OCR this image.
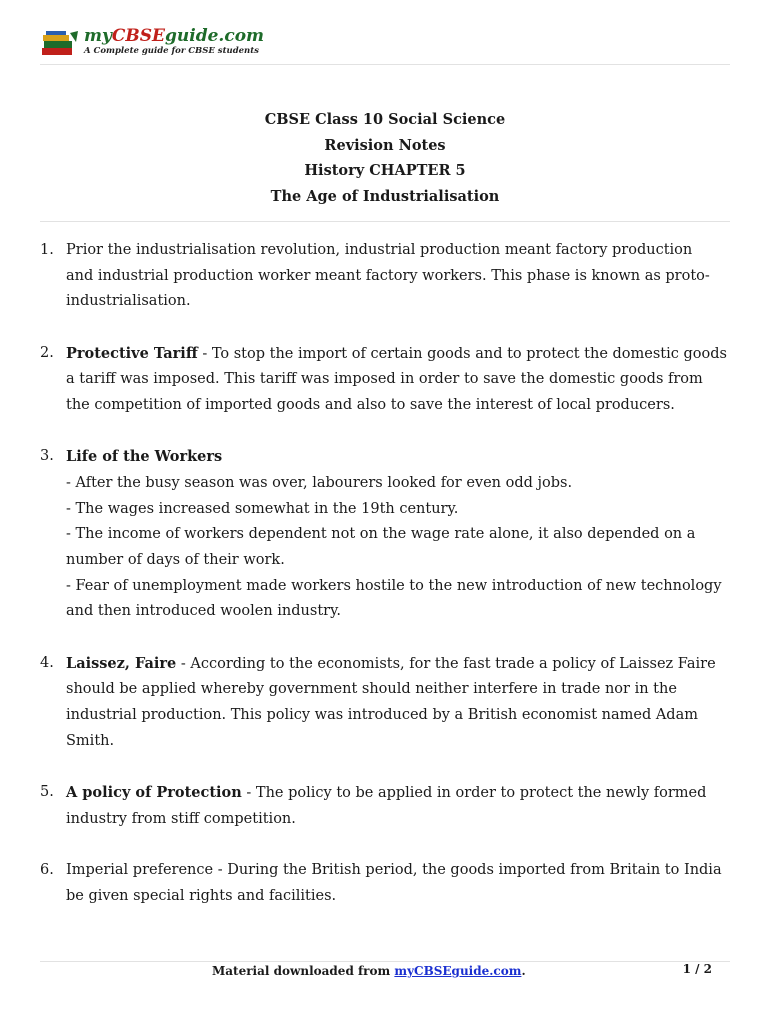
myCBSEguide.com
A Complete guide for CBSE students
CBSE Class 10 Social Science
Revision Notes
History CHAPTER 5
The Age of Industrialisation
1. Prior the industrialisation revolution, industrial production meant factory production
and industrial production worker meant factory workers. This phase is known as proto-
industrialisation.
2. Protective Tariff - To stop the import of certain goods and to protect the domestic goods
a tariff was imposed. This tariff was imposed in order to save the domestic goods from
the competition of imported goods and also to save the interest of local producers.
3. Life of the Workers
- After the busy season was over, labourers looked for even odd jobs.
- The wages increased somewhat in the 19th century.
- The income of workers dependent not on the wage rate alone, it also depended on a
number of days of their work.
- Fear of unemployment made workers hostile to the new introduction of new technology
and then introduced woolen industry.
4. Laissez, Faire - According to the economists, for the fast trade a policy of Laissez Faire
should be applied whereby government should neither interfere in trade nor in the
industrial production. This policy was introduced by a British economist named Adam
Smith.
5. A policy of Protection - The policy to be applied in order to protect the newly formed
industry from stiff competition.
6. Imperial preference - During the British period, the goods imported from Britain to India
be given special rights and facilities.
Material downloaded from myCBSEguide.com.	1 / 2
